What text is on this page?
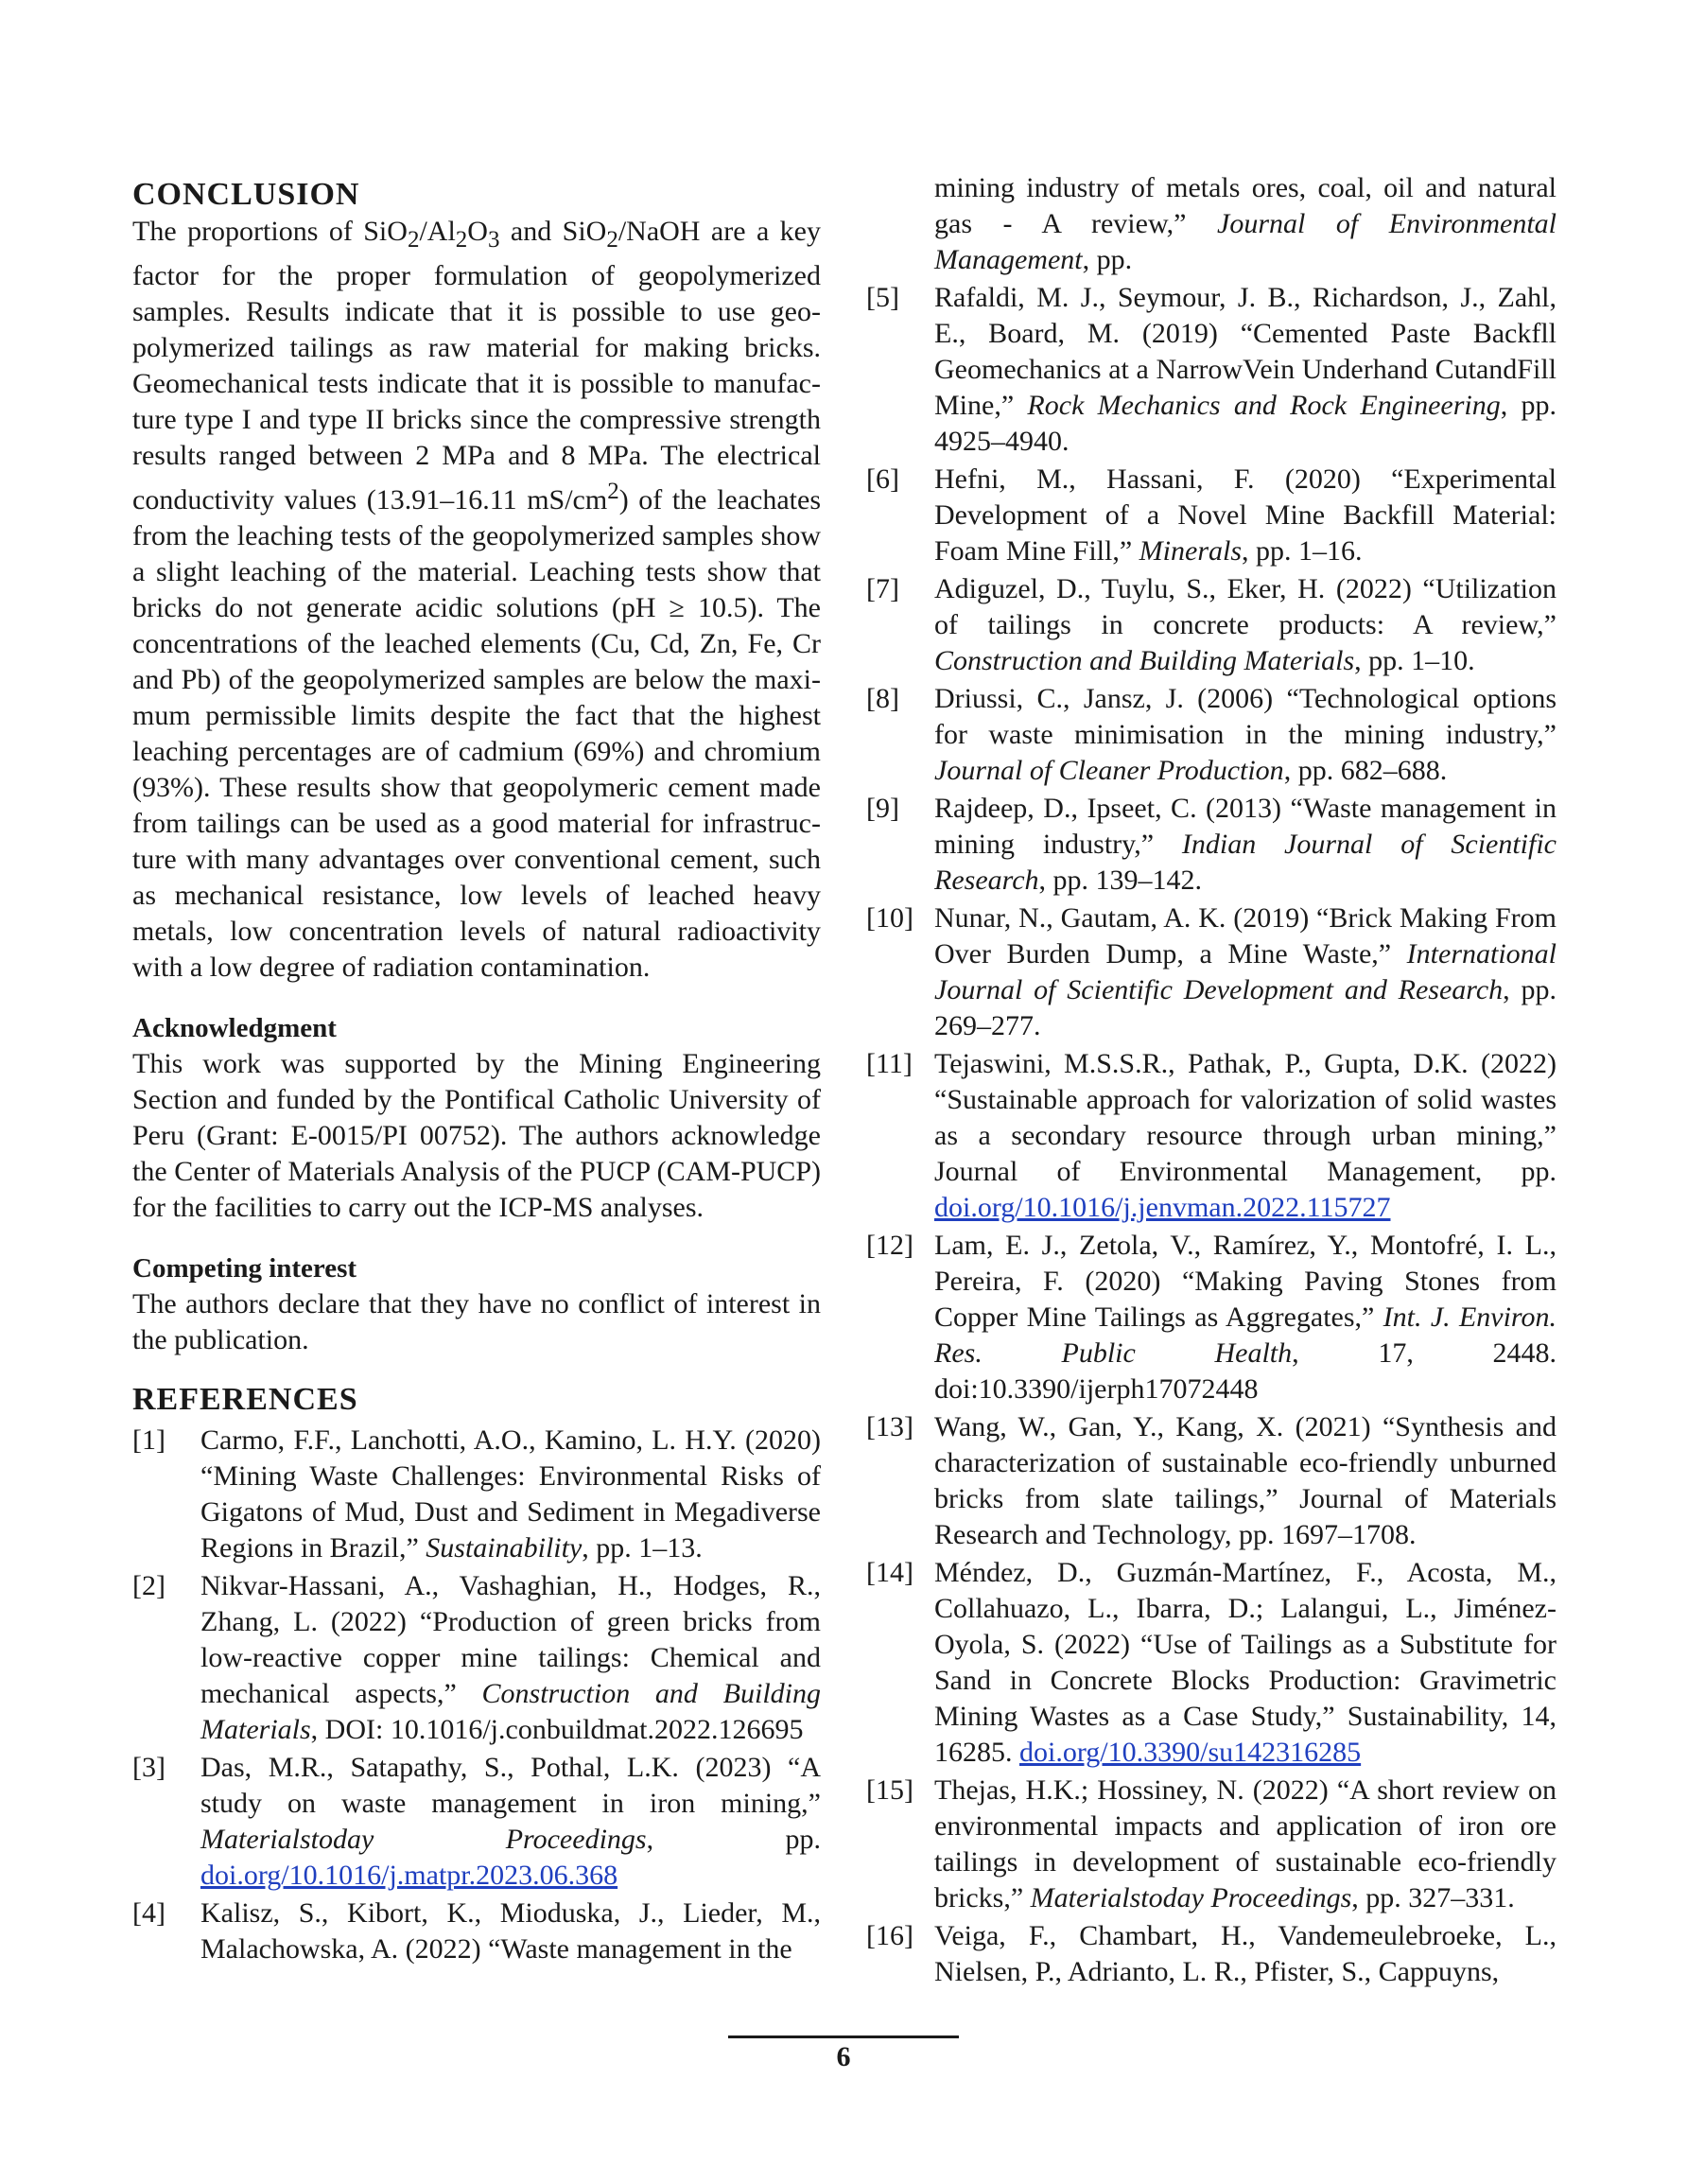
CONCLUSION

The proportions of $SiO_2/Al_2O_3$ and SiO$_2$/NaOH are a key factor for the proper formulation of geopolymerized samples. Results indicate that it is possible to use geopolymerized tailings as raw material for making bricks. Geomechanical tests indicate that it is possible to manufacture type I and type II bricks since the compressive strength results ranged between 2 MPa and 8 MPa. The electrical conductivity values (13.91–16.11 $mS/cm^2$) of the leachates from the leaching tests of the geopolymerized samples show a slight leaching of the material. Leaching tests show that bricks do not generate acidic solutions (pH ≥ 10.5). The concentrations of the leached elements (Cu, Cd, Zn, Fe, Cr and Pb) of the geopolymerized samples are below the maximum permissible limits despite the fact that the highest leaching percentages are of cadmium (69%) and chromium (93%). These results show that geopolymeric cement made from tailings can be used as a good material for infrastructure with many advantages over conventional cement, such as mechanical resistance, low levels of leached heavy metals, low concentration levels of natural radioactivity with a low degree of radiation contamination.

Acknowledgment

This work was supported by the Mining Engineering Section and funded by the Pontifical Catholic University of Peru (Grant: E-0015/PI 00752). The authors acknowledge the Center of Materials Analysis of the PUCP (CAM-PUCP) for the facilities to carry out the ICP-MS analyses.

Competing interest

The authors declare that they have no conflict of interest in the publication.

REFERENCES
[1]	Carmo, F.F., Lanchotti, A.O., Kamino, L. H.Y. (2020) “Mining Waste Challenges: Environmental Risks of Gigatons of Mud, Dust and Sediment in Megadiverse Regions in Brazil,” Sustainability, pp. 1–13.
[2]	Nikvar-Hassani, A., Vashaghian, H., Hodges, R., Zhang, L. (2022) “Production of green bricks from low-reactive copper mine tailings: Chemical and mechanical aspects,” Construction and Building Materials, DOI: 10.1016/j.conbuildmat.2022.126695
[3]	Das, M.R., Satapathy, S., Pothal, L.K. (2023) “A study on waste management in iron mining,” Materialstoday Proceedings, pp. doi.org/10.1016/j.matpr.2023.06.368
[4]	Kalisz, S., Kibort, K., Mioduska, J., Lieder, M., Malachowska, A. (2022) “Waste management in the
mining industry of metals ores, coal, oil and natural gas - A review,” Journal of Environmental Management, pp.
[5]	Rafaldi, M. J., Seymour, J. B., Richardson, J., Zahl, E., Board, M. (2019) “Cemented Paste Backfll Geomechanics at a NarrowVein Underhand CutandFill Mine,” Rock Mechanics and Rock Engineering, pp. 4925–4940.
[6]	Hefni, M., Hassani, F. (2020) “Experimental Development of a Novel Mine Backfill Material: Foam Mine Fill,” Minerals, pp. 1–16.
[7]	Adiguzel, D., Tuylu, S., Eker, H. (2022) “Utilization of tailings in concrete products: A review,” Construction and Building Materials, pp. 1–10.
[8]	Driussi, C., Jansz, J. (2006) “Technological options for waste minimisation in the mining industry,” Journal of Cleaner Production, pp. 682–688.
[9]	Rajdeep, D., Ipseet, C. (2013) “Waste management in mining industry,” Indian Journal of Scientific Research, pp. 139–142.
[10] Nunar, N., Gautam, A. K. (2019) “Brick Making From Over Burden Dump, a Mine Waste,” International Journal of Scientific Development and Research, pp. 269–277.
[11] Tejaswini, M.S.S.R., Pathak, P., Gupta, D.K. (2022) “Sustainable approach for valorization of solid wastes as a secondary resource through urban mining,” Journal of Environmental Management, pp. doi.org/10.1016/j.jenvman.2022.115727
[12] Lam, E. J., Zetola, V., Ramírez, Y., Montofré, I. L., Pereira, F. (2020) “Making Paving Stones from Copper Mine Tailings as Aggregates,” Int. J. Environ. Res. Public Health, 17, 2448. doi:10.3390/ijerph17072448
[13] Wang, W., Gan, Y., Kang, X. (2021) “Synthesis and characterization of sustainable eco-friendly unburned bricks from slate tailings,” Journal of Materials Research and Technology, pp. 1697–1708.
[14] Méndez, D., Guzmán-Martínez, F., Acosta, M., Collahuazo, L., Ibarra, D.; Lalangui, L., Jiménez-Oyola, S. (2022) “Use of Tailings as a Substitute for Sand in Concrete Blocks Production: Gravimetric Mining Wastes as a Case Study,” Sustainability, 14, 16285. doi.org/10.3390/su142316285
[15] Thejas, H.K.; Hossiney, N. (2022) “A short review on environmental impacts and application of iron ore tailings in development of sustainable eco-friendly bricks,” Materialstoday Proceedings, pp. 327–331.
[16] Veiga, F., Chambart, H., Vandemeulebroeke, L., Nielsen, P., Adrianto, L. R., Pfister, S., Cappuyns,
6
